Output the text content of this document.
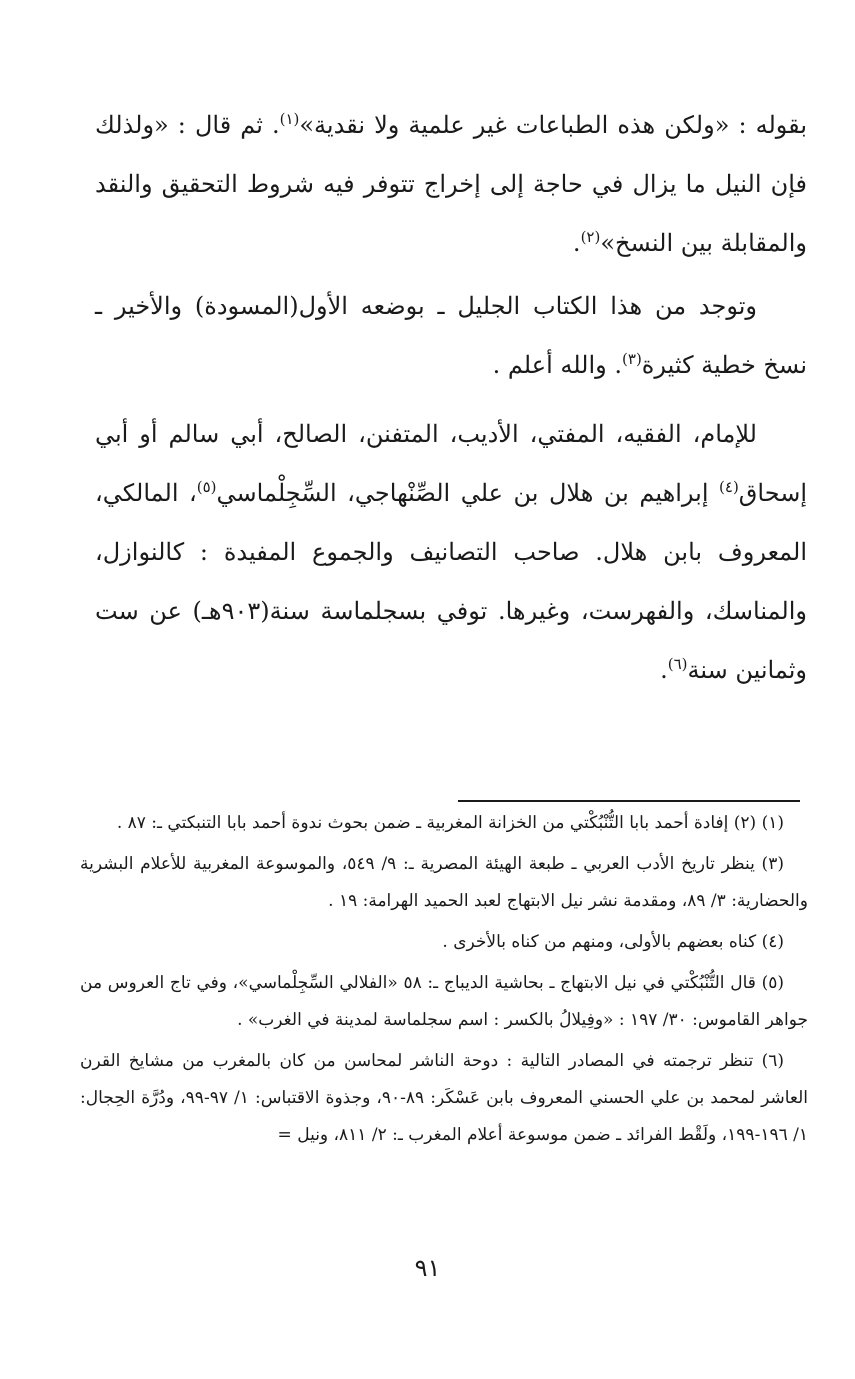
بقوله : «ولكن هذه الطباعات غير علمية ولا نقدية»$^{(١)}$. ثم قال : «ولذلك فإن النيل ما يزال في حاجة إلى إخراج تتوفر فيه شروط التحقيق والنقد والمقابلة بين النسخ»$^{(٢)}$.

وتوجد من هذا الكتاب الجليل ـ بوضعه الأول(المسودة) والأخير ـ نسخ خطية كثيرة$^{(٣)}$. والله أعلم .

للإمام، الفقيه، المفتي، الأديب، المتفنن، الصالح، أبي سالم أو أبي إسحاق$^{(٤)}$ إبراهيم بن هلال بن علي الصِّنْهاجي، السِّجِلْماسي$^{(٥)}$، المالكي، المعروف بابن هلال. صاحب التصانيف والجموع المفيدة : كالنوازل، والمناسك، والفهرست، وغيرها. توفي بسجلماسة سنة(٩٠٣هـ) عن ست وثمانين سنة$^{(٦)}$.

(١) (٢) إفادة أحمد بابا التُّنْبُكْتي من الخزانة المغربية ـ ضمن بحوث ندوة أحمد بابا التنبكتي ـ: ٨٧ .

(٣) ينظر تاريخ الأدب العربي ـ طبعة الهيئة المصرية ـ: ٩/ ٥٤٩، والموسوعة المغربية للأعلام البشرية والحضارية: ٣/ ٨٩، ومقدمة نشر نيل الابتهاج لعبد الحميد الهرامة: ١٩ .

(٤) كناه بعضهم بالأولى، ومنهم من كناه بالأخرى .

(٥) قال التُّنْبُكْتي في نيل الابتهاج ـ بحاشية الديباج ـ: ٥٨ «الفلالي السِّجِلْماسي»، وفي تاج العروس من جواهر القاموس: ٣٠/ ١٩٧ : «وفِيلالُ بالكسر : اسم سجلماسة لمدينة في الغرب» .

(٦) تنظر ترجمته في المصادر التالية : دوحة الناشر لمحاسن من كان بالمغرب من مشايخ القرن العاشر لمحمد بن علي الحسني المعروف بابن عَسْكَر: ٨٩-٩٠، وجذوة الاقتباس: ١/ ٩٧-٩٩، ودُرَّة الحِجال: ١/ ١٩٦-١٩٩، ولَقْط الفرائد ـ ضمن موسوعة أعلام المغرب ـ: ٢/ ٨١١، ونيل =

٩١
